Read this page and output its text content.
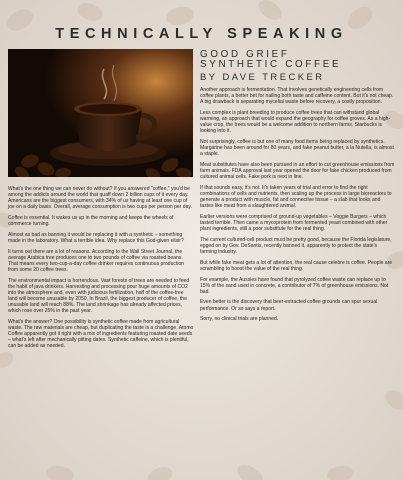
TECHNICALLY SPEAKING
GOOD GRIEF
SYNTHETIC COFFEE
BY DAVE TRECKER

What's the one thing we can never do without? If you answered "coffee," you'd be among the addicts around the world that quaff down 2 billion cups of it every day. Americans are the biggest consumers, with 34% of us having at least one cup of joe on a daily basis. Overall, average consumption is two cups per person per day.

Coffee is essential. It wakes us up in the morning and keeps the wheels of commerce turning.

Almost as bad as banning it would be replacing it with a synthetic – something made in the laboratory. What a terrible idea. Why replace this God-given elixir?

It turns out there are a lot of reasons. According to the Wall Street Journal, the average Arabica tree produces one to two pounds of coffee via roasted beans. That means every two-cup-a-day coffee drinker requires continuous production from some 20 coffee trees.

The environmental impact is horrendous. Vast forests of trees are needed to feed the habit of java drinkers. Harvesting and processing pour huge amounts of CO2 into the atmosphere and, even with judicious fertilization, half of the coffee-tree land will become unusable by 2050. In Brazil, the biggest producer of coffee, the unusable land will reach 88%. The land shrinkage has already affected prices, which rose over 25% in the past year.

What's the answer? One possibility is synthetic coffee made from agricultural waste. The raw materials are cheap, but duplicating the taste is a challenge. Atomo Coffee apparently got it right with a mix of ingredients featuring roasted date seeds – what's left after mechanically pitting dates. Synthetic caffeine, which is plentiful, can be added as needed.

Another approach is fermentation. That involves genetically engineering cells from coffee plants, a better bet for nailing both taste and caffeine content. But it's not cheap. A big drawback is separating mycelial waste before recovery, a costly proposition.

Less complex is plant breeding to produce coffee trees that can withstand global warming, an approach that would expand the geography for coffee groves. As a high-value crop, the trees would be a welcome addition to northern farms. Starbucks is looking into it.

Not surprisingly, coffee is but one of many food items being replaced by synthetics. Margarine has been around for 80 years, and fake peanut butter, a la Nutella, is almost a staple.

Meat substitutes have also been pursued in an effort to cut greenhouse emissions from farm animals. FDA approval last year opened the door for fake chicken produced from cultured animal cells. Fake pork is next in line.

If that sounds easy, it's not. It's taken years of trial and error to find the right combinations of cells and nutrients, then scaling up the process in large bioreactors to generate a product with muscle, fat and connective tissue – a slab that looks and tastes like meat from a slaughtered animal.

Earlier versions were comprised of ground-up vegetables – Veggie Burgers – which tasted terrible. Then came a mycoprotein from fermented yeast combined with other plant ingredients, still a poor substitute for the real thing.

The current cultured-cell product must be pretty good, because the Florida legislature, egged on by Gov. DeSantis, recently banned it, apparently to protect the state's farming industry.

But while fake meat gets a lot of attention, the real cause celebre is coffee. People are scrambling to boost the value of the real thing.

For example, the Aussies have found that pyrolyzed coffee waste can replace up to 15% of the sand used in concrete, a contributor of 7% of greenhouse emissions. Not bad.

Even better is the discovery that beer-extracted coffee grounds can spur sexual performance. Or so says a report.

Sorry, no clinical trials are planned.
